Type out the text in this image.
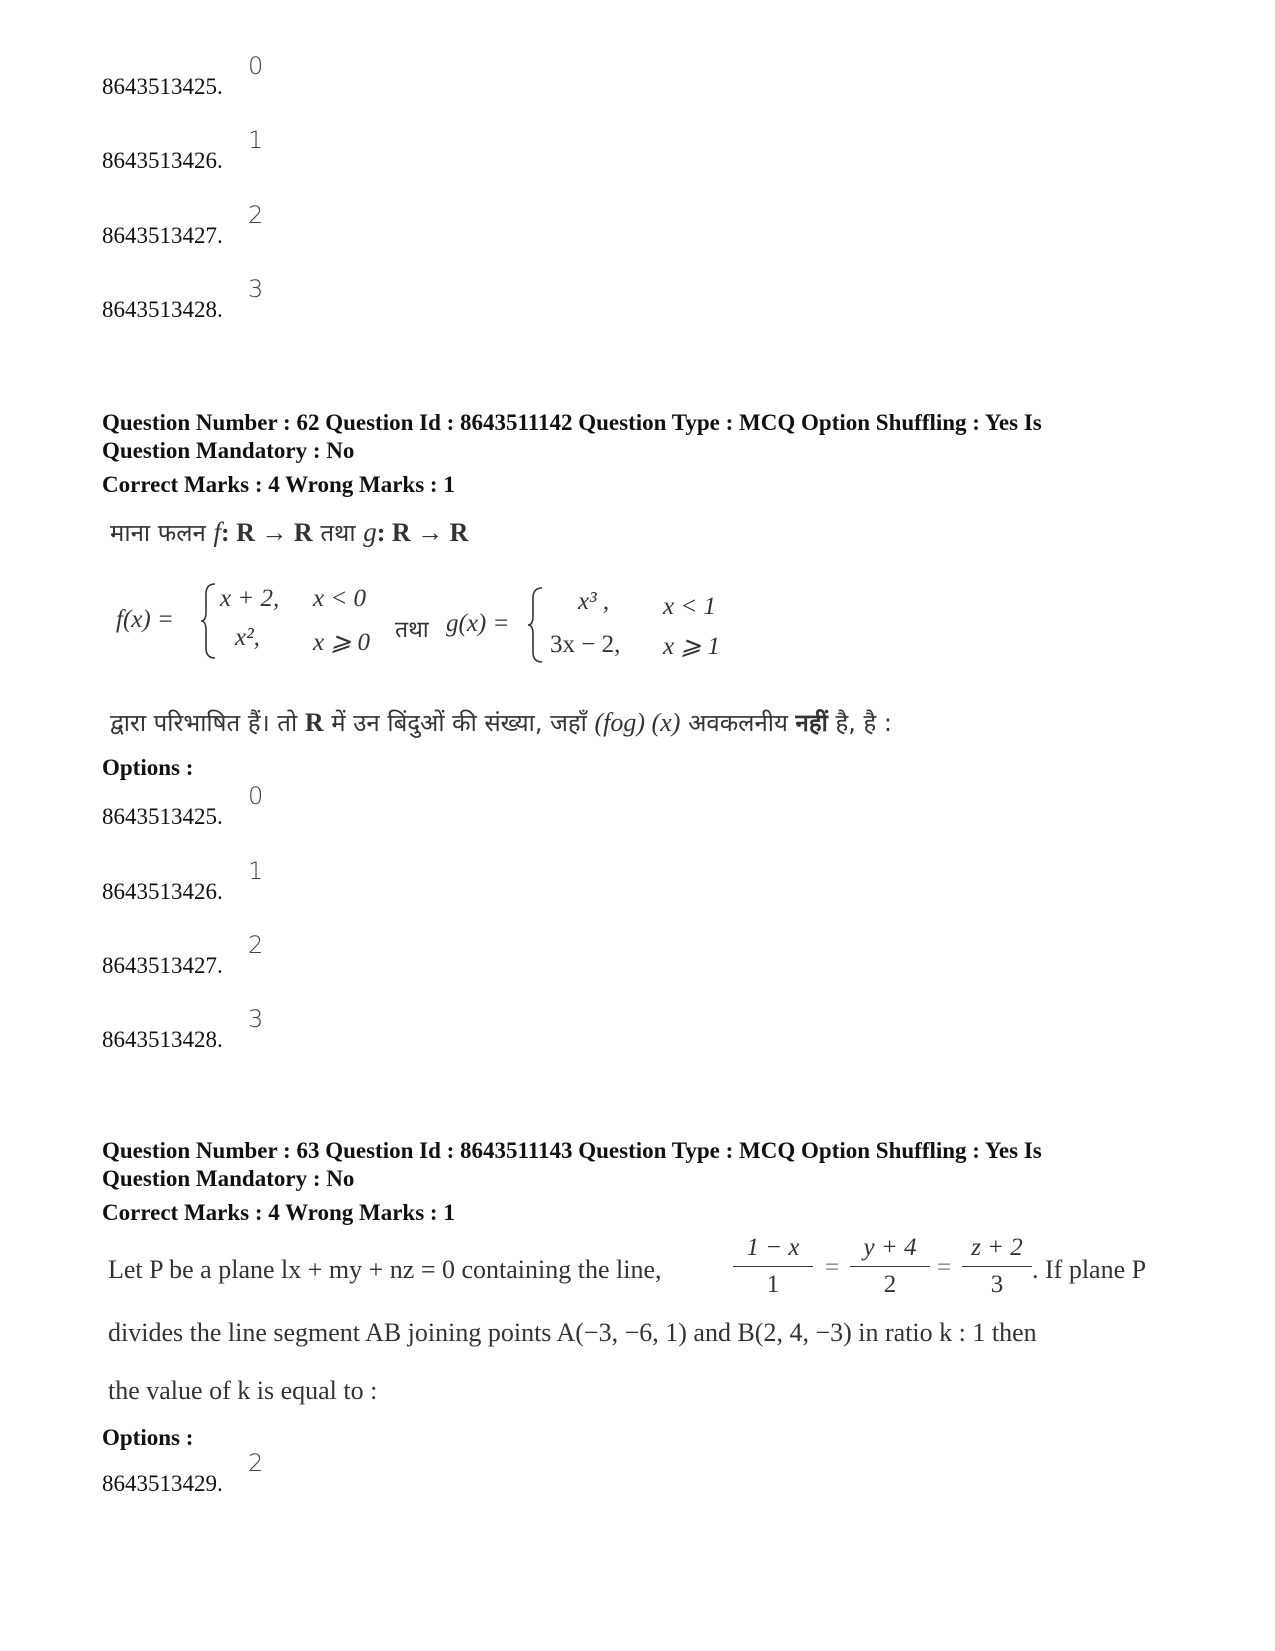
8643513425.
0
8643513426.
1
8643513427.
2
8643513428.
3
Question Number : 62 Question Id : 8643511142 Question Type : MCQ Option Shuffling : Yes Is
Question Mandatory : No
Correct Marks : 4 Wrong Marks : 1
माना फलन f: R → R तथा g: R → R
f(x) =
x + 2, x < 0
x², x ⩾ 0 तथा g(x) =
x³ , x < 1
3x − 2, x ⩾ 1
द्वारा परिभाषित हैं। तो R में उन बिंदुओं की संख्या, जहाँ (fog) (x) अवकलनीय नहीं है, है :
Options :
8643513425.
0
8643513426.
1
8643513427.
2
8643513428.
3
Question Number : 63 Question Id : 8643511143 Question Type : MCQ Option Shuffling : Yes Is
Question Mandatory : No
Correct Marks : 4 Wrong Marks : 1
Let P be a plane lx + my + nz = 0 containing the line,
1 − x
1
=
y + 4
2
=
z + 2
3
. If plane P
divides the line segment AB joining points A(−3, −6, 1) and B(2, 4, −3) in ratio k : 1 then
the value of k is equal to :
Options :
8643513429.
2
